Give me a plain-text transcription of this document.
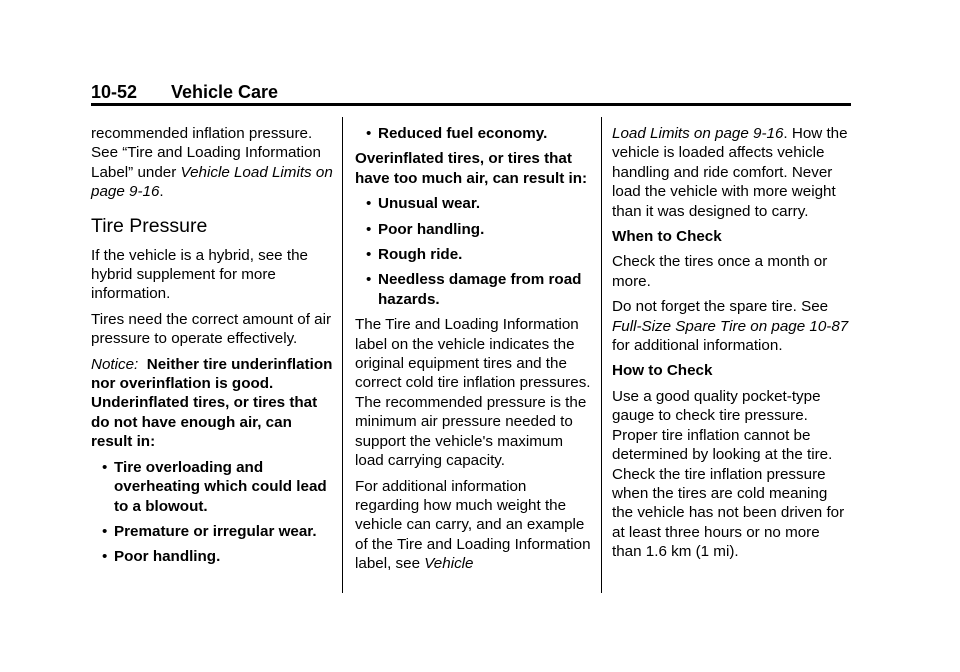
10-52 Vehicle Care

recommended inflation pressure. See “Tire and Loading Information Label” under Vehicle Load Limits on page 9-16.

Tire Pressure

If the vehicle is a hybrid, see the hybrid supplement for more information.

Tires need the correct amount of air pressure to operate effectively.

Notice: Neither tire underinflation nor overinflation is good. Underinflated tires, or tires that do not have enough air, can result in:

• Tire overloading and overheating which could lead to a blowout.
• Premature or irregular wear.
• Poor handling.
• Reduced fuel economy.

Overinflated tires, or tires that have too much air, can result in:

• Unusual wear.
• Poor handling.
• Rough ride.
• Needless damage from road hazards.

The Tire and Loading Information label on the vehicle indicates the original equipment tires and the correct cold tire inflation pressures. The recommended pressure is the minimum air pressure needed to support the vehicle's maximum load carrying capacity.

For additional information regarding how much weight the vehicle can carry, and an example of the Tire and Loading Information label, see Vehicle

Load Limits on page 9-16. How the vehicle is loaded affects vehicle handling and ride comfort. Never load the vehicle with more weight than it was designed to carry.

When to Check

Check the tires once a month or more.

Do not forget the spare tire. See Full-Size Spare Tire on page 10-87 for additional information.

How to Check

Use a good quality pocket-type gauge to check tire pressure. Proper tire inflation cannot be determined by looking at the tire. Check the tire inflation pressure when the tires are cold meaning the vehicle has not been driven for at least three hours or no more than 1.6 km (1 mi).
